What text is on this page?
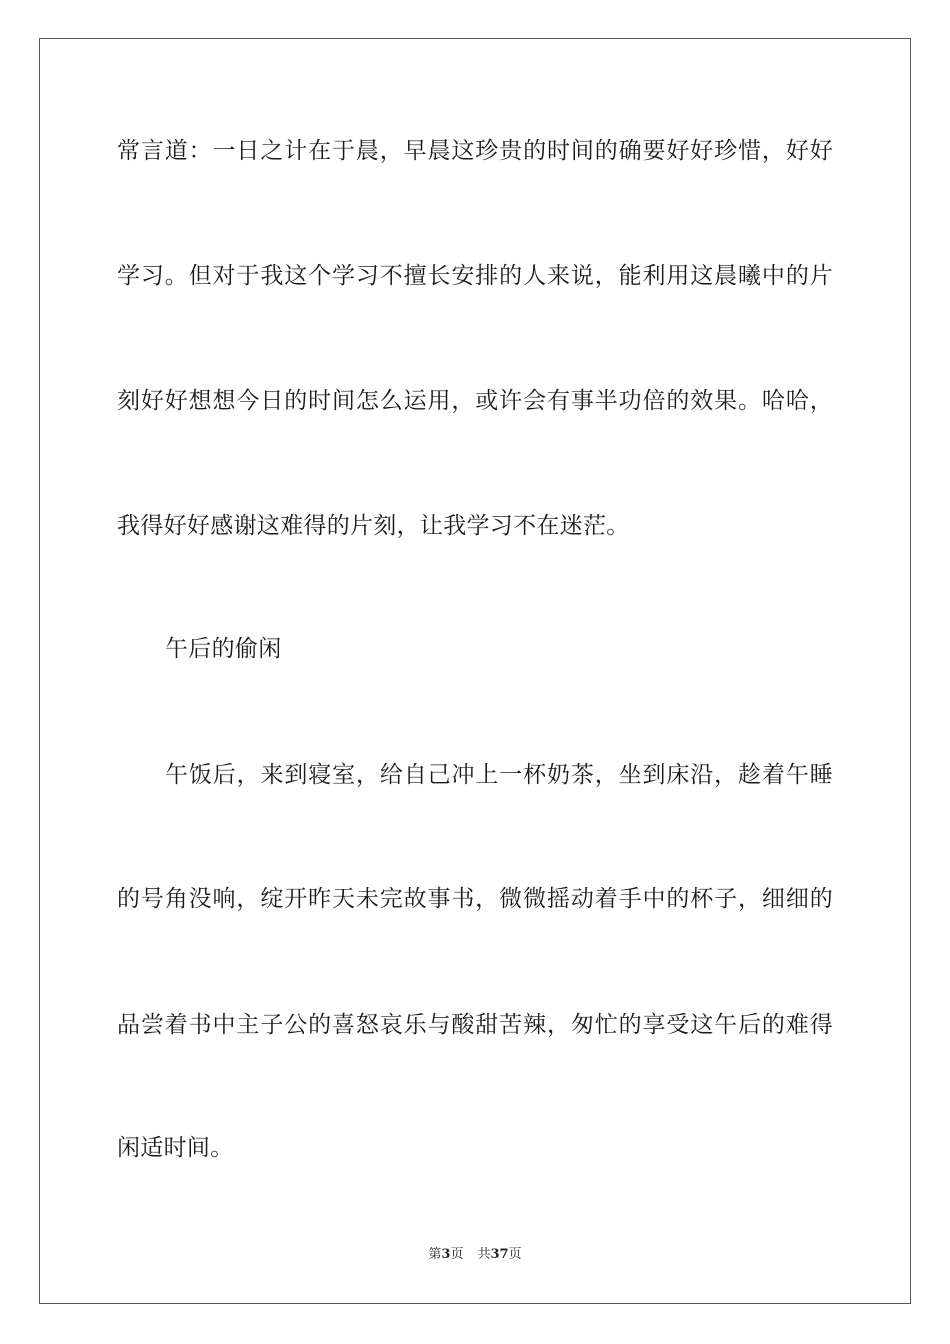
常言道：一日之计在于晨，早晨这珍贵的时间的确要好好珍惜，好好
学习。但对于我这个学习不擅长安排的人来说，能利用这晨曦中的片
刻好好想想今日的时间怎么运用，或许会有事半功倍的效果。哈哈，
我得好好感谢这难得的片刻，让我学习不在迷茫。
午后的偷闲
午饭后，来到寝室，给自己冲上一杯奶茶，坐到床沿，趁着午睡
的号角没响，绽开昨天未完故事书，微微摇动着手中的杯子，细细的
品尝着书中主子公的喜怒哀乐与酸甜苦辣，匆忙的享受这午后的难得
闲适时间。
第3页 共37页
